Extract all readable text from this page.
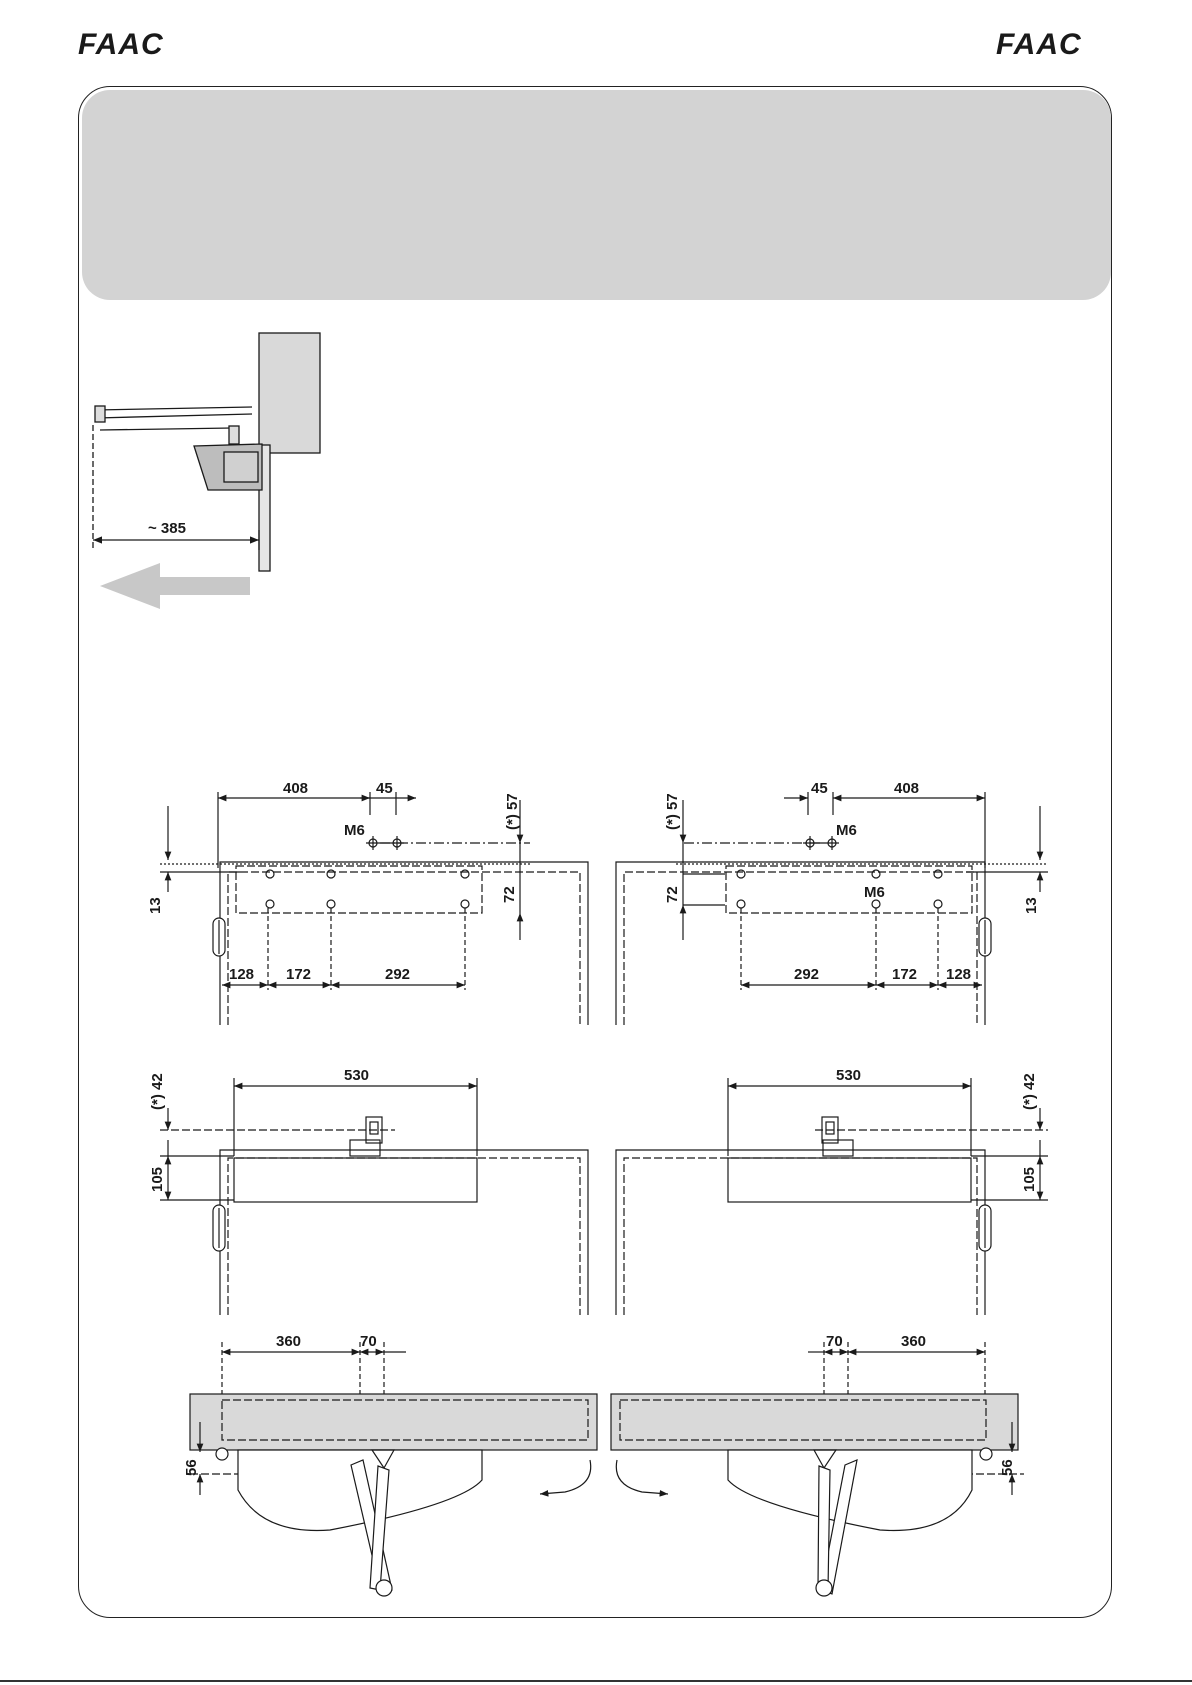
FAAC	FAAC
~ 385
408	45
(*) 57
M6
13
72
128 172	292
408
45
(*) 57
M6
M6
13
72
292	172 128
530
(*) 42
105
530	(*) 42
105
360	70
56
70	360
56
